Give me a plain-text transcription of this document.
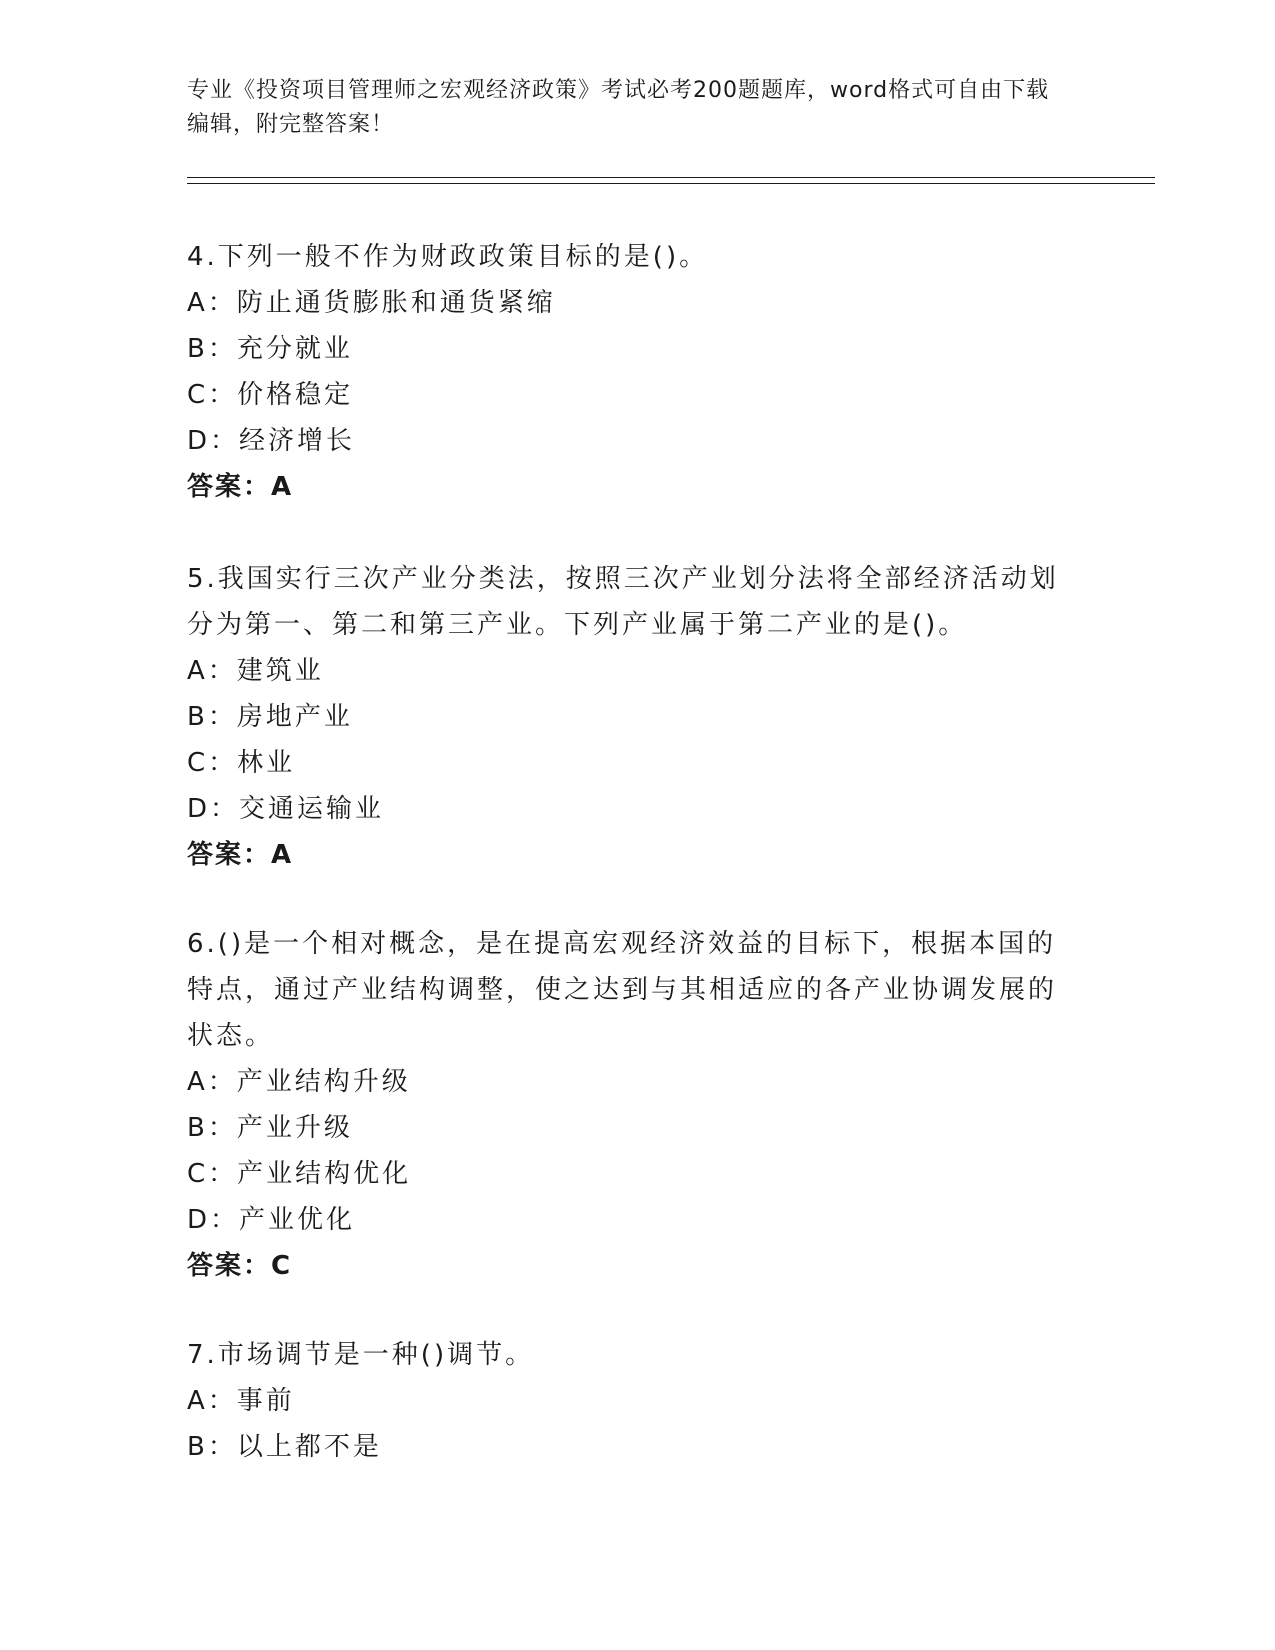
专业《投资项目管理师之宏观经济政策》考试必考200题题库，word格式可自由下载编辑，附完整答案！

4.下列一般不作为财政政策目标的是()。

A：防止通货膨胀和通货紧缩

B：充分就业

C：价格稳定

D：经济增长

答案：A

5.我国实行三次产业分类法，按照三次产业划分法将全部经济活动划分为第一、第二和第三产业。下列产业属于第二产业的是()。

A：建筑业

B：房地产业

C：林业

D：交通运输业

答案：A

6.()是一个相对概念，是在提高宏观经济效益的目标下，根据本国的特点，通过产业结构调整，使之达到与其相适应的各产业协调发展的状态。

A：产业结构升级

B：产业升级

C：产业结构优化

D：产业优化

答案：C

7.市场调节是一种()调节。

A：事前

B：以上都不是
